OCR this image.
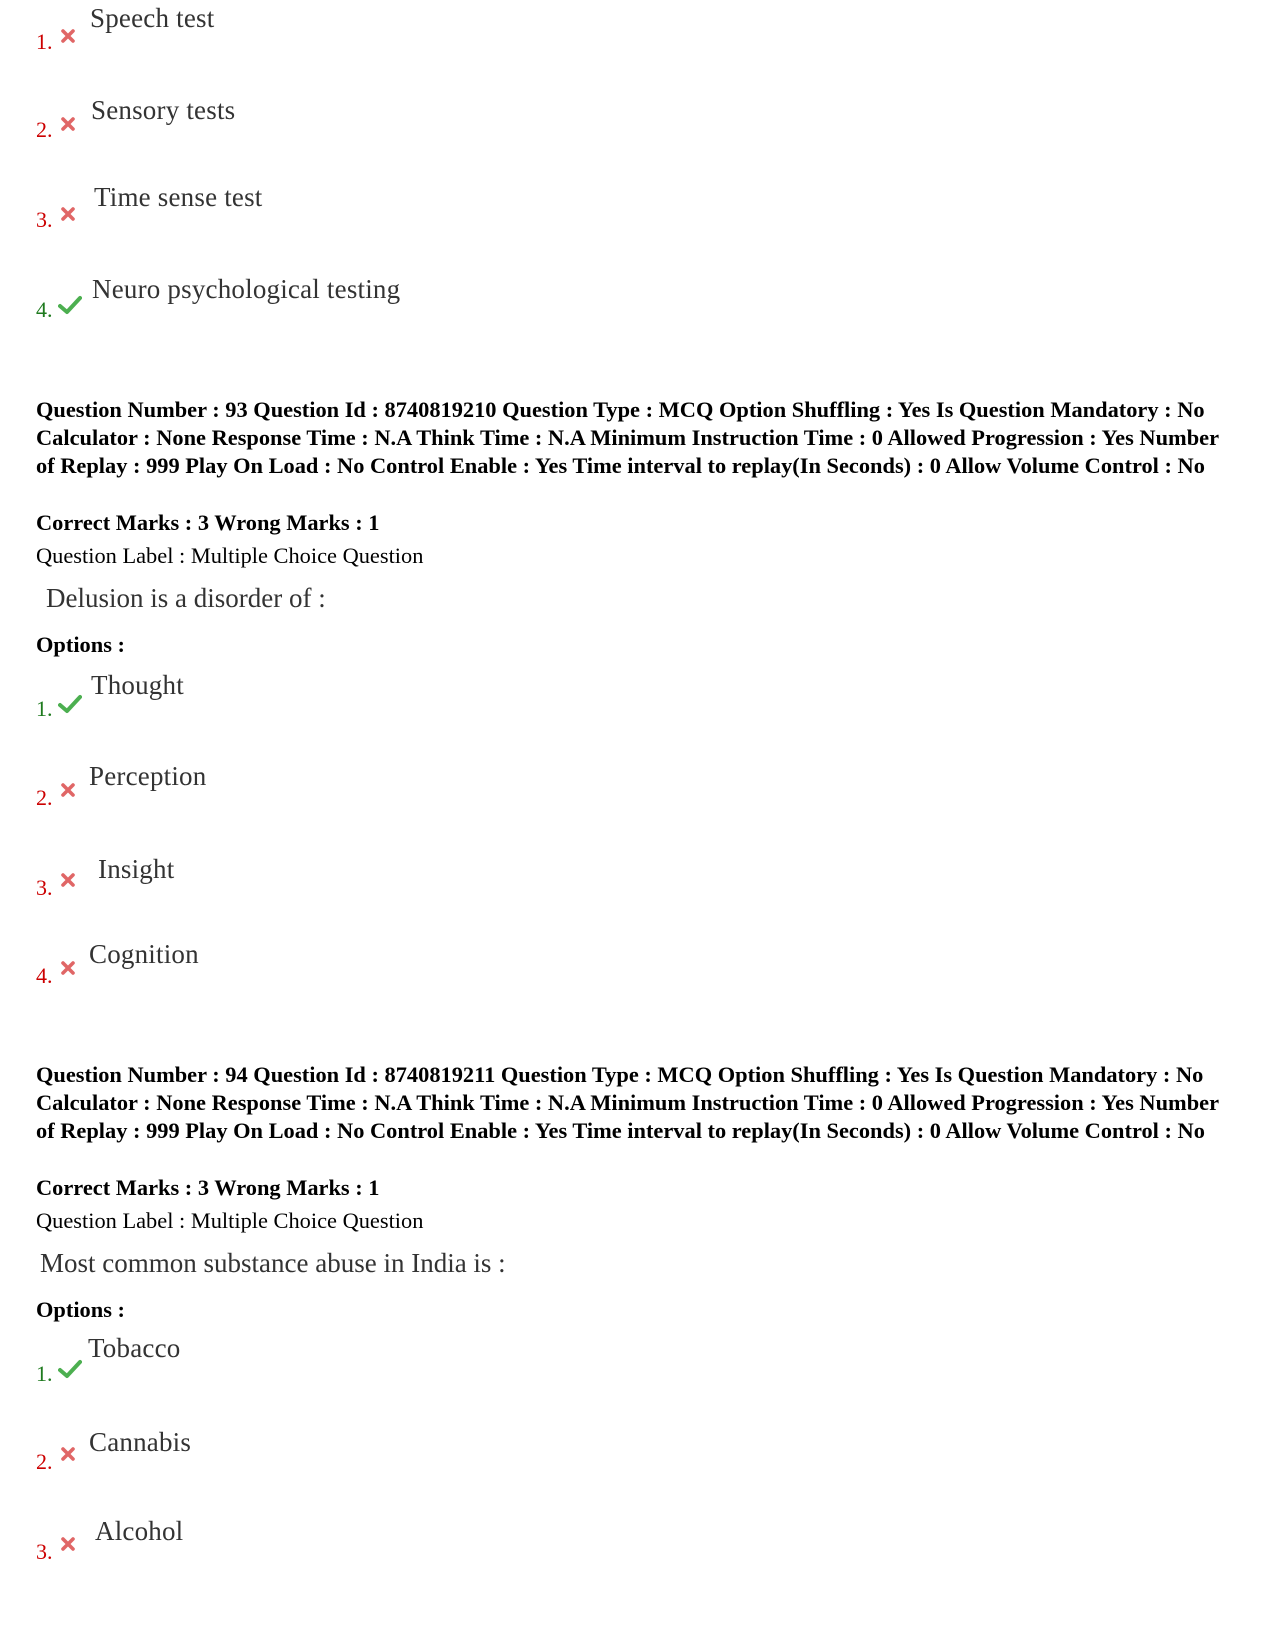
1.
Speech test
2.
Sensory tests
3.
Time sense test
4.
Neuro psychological testing
Question Number : 93 Question Id : 8740819210 Question Type : MCQ Option Shuffling : Yes Is Question Mandatory : No Calculator : None Response Time : N.A Think Time : N.A Minimum Instruction Time : 0 Allowed Progression : Yes Number of Replay : 999 Play On Load : No Control Enable : Yes Time interval to replay(In Seconds) : 0 Allow Volume Control : No
Correct Marks : 3 Wrong Marks : 1
Question Label : Multiple Choice Question
Delusion is a disorder of :
Options :
1.
Thought
2.
Perception
3.
Insight
4.
Cognition
Question Number : 94 Question Id : 8740819211 Question Type : MCQ Option Shuffling : Yes Is Question Mandatory : No Calculator : None Response Time : N.A Think Time : N.A Minimum Instruction Time : 0 Allowed Progression : Yes Number of Replay : 999 Play On Load : No Control Enable : Yes Time interval to replay(In Seconds) : 0 Allow Volume Control : No
Correct Marks : 3 Wrong Marks : 1
Question Label : Multiple Choice Question
Most common substance abuse in India is :
Options :
1.
Tobacco
2.
Cannabis
3.
Alcohol
